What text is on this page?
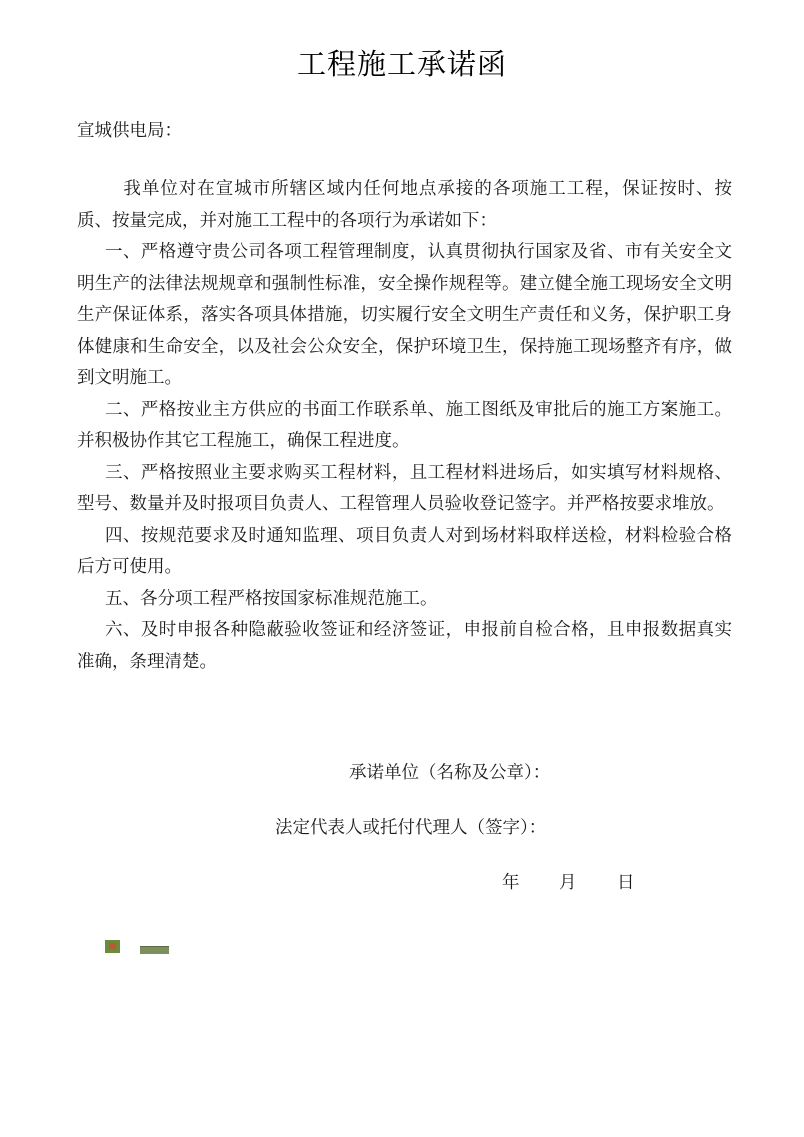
工程施工承诺函
宣城供电局：

我单位对在宣城市所辖区域内任何地点承接的各项施工工程，保证按时、按质、按量完成，并对施工工程中的各项行为承诺如下：

一、严格遵守贵公司各项工程管理制度，认真贯彻执行国家及省、市有关安全文明生产的法律法规规章和强制性标准，安全操作规程等。建立健全施工现场安全文明生产保证体系，落实各项具体措施，切实履行安全文明生产责任和义务，保护职工身体健康和生命安全，以及社会公众安全，保护环境卫生，保持施工现场整齐有序，做到文明施工。

二、严格按业主方供应的书面工作联系单、施工图纸及审批后的施工方案施工。并积极协作其它工程施工，确保工程进度。

三、严格按照业主要求购买工程材料，且工程材料进场后，如实填写材料规格、型号、数量并及时报项目负责人、工程管理人员验收登记签字。并严格按要求堆放。

四、按规范要求及时通知监理、项目负责人对到场材料取样送检，材料检验合格后方可使用。

五、各分项工程严格按国家标准规范施工。

六、及时申报各种隐蔽验收签证和经济签证，申报前自检合格，且申报数据真实准确，条理清楚。

承诺单位（名称及公章）：
法定代表人或托付代理人（签字）：
年 月 日
